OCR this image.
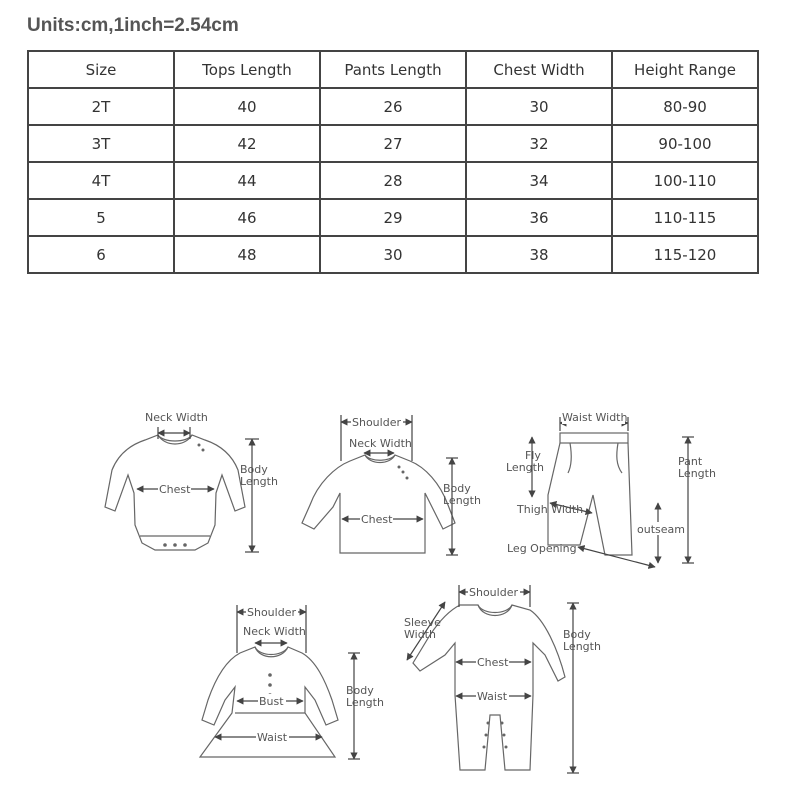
Units:cm,1inch=2.54cm
Size	Tops Length	Pants Length	Chest Width	Height Range
2T	40	26	30	80-90
3T	42	27	32	90-100
4T	44	28	34	100-110
5	46	29	36	110-115
6	48	30	38	115-120
Neck Width
Chest
Body
Length
Shoulder
Neck Width
Chest
Body
Length
Waist Width
Fly
Length	Pant
Length
Thigh Width
outseam
Leg Opening
Shoulder
Neck Width
Bust
Waist
Body
Length
Shoulder
Sleeve
Width
Chest
Waist
Body
Length
